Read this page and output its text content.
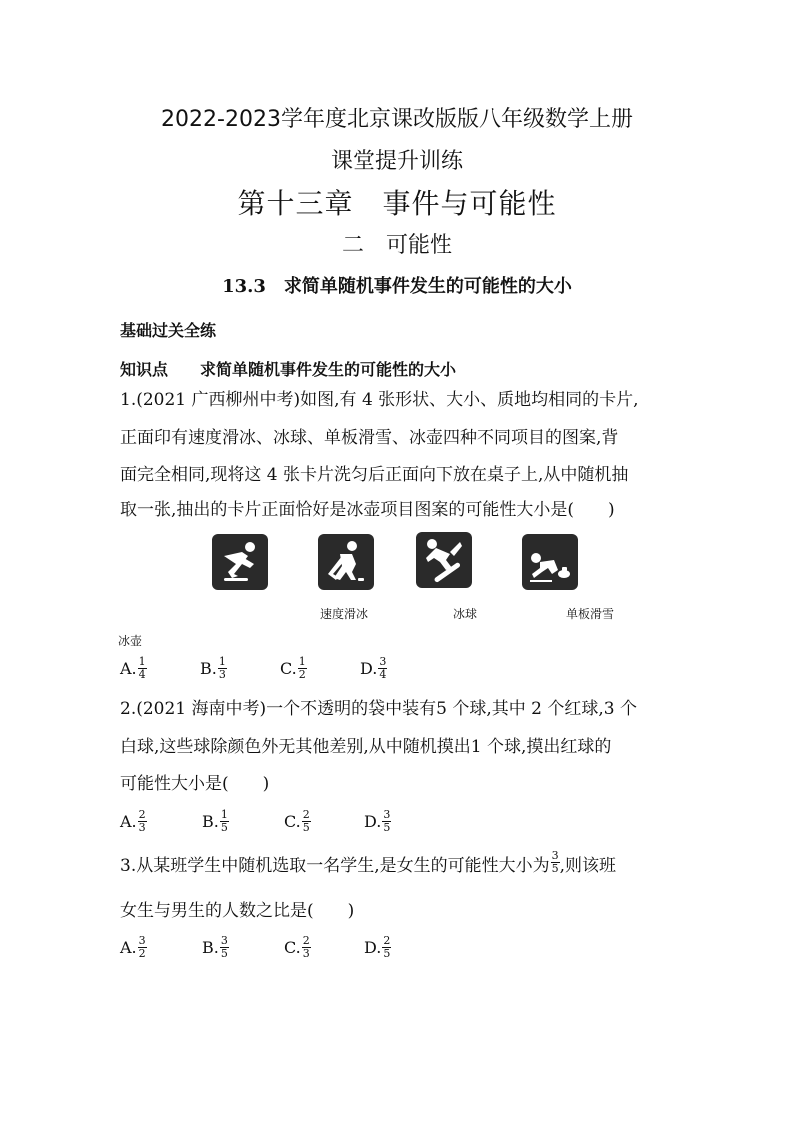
2022-2023学年度北京课改版版八年级数学上册
课堂提升训练
第十三章　事件与可能性
二　可能性
13.3　求简单随机事件发生的可能性的大小
基础过关全练
知识点　　求简单随机事件发生的可能性的大小
1.(2021 广西柳州中考)如图,有 4 张形状、大小、质地均相同的卡片,
正面印有速度滑冰、冰球、单板滑雪、冰壶四种不同项目的图案,背
面完全相同,现将这 4 张卡片洗匀后正面向下放在桌子上,从中随机抽
取一张,抽出的卡片正面恰好是冰壶项目图案的可能性大小是(　　)
速度滑冰	冰球	单板滑雪
冰壶
A. $\frac{1}{4}$	B. $\frac{1}{3}$	C. $\frac{1}{2}$	D. $\frac{3}{4}$
2.(2021 海南中考)一个不透明的袋中装有5 个球,其中 2 个红球,3 个
白球,这些球除颜色外无其他差别,从中随机摸出1 个球,摸出红球的
可能性大小是(　　)
A. $\frac{2}{3}$	B. $\frac{1}{5}$	C. $\frac{2}{5}$	D. $\frac{3}{5}$
3.从某班学生中随机选取一名学生,是女生的可能性大小为 $\frac{3}{5}$ ,则该班
女生与男生的人数之比是(　　)
A. $\frac{3}{2}$	B. $\frac{3}{5}$	C. $\frac{2}{3}$	D. $\frac{2}{5}$
